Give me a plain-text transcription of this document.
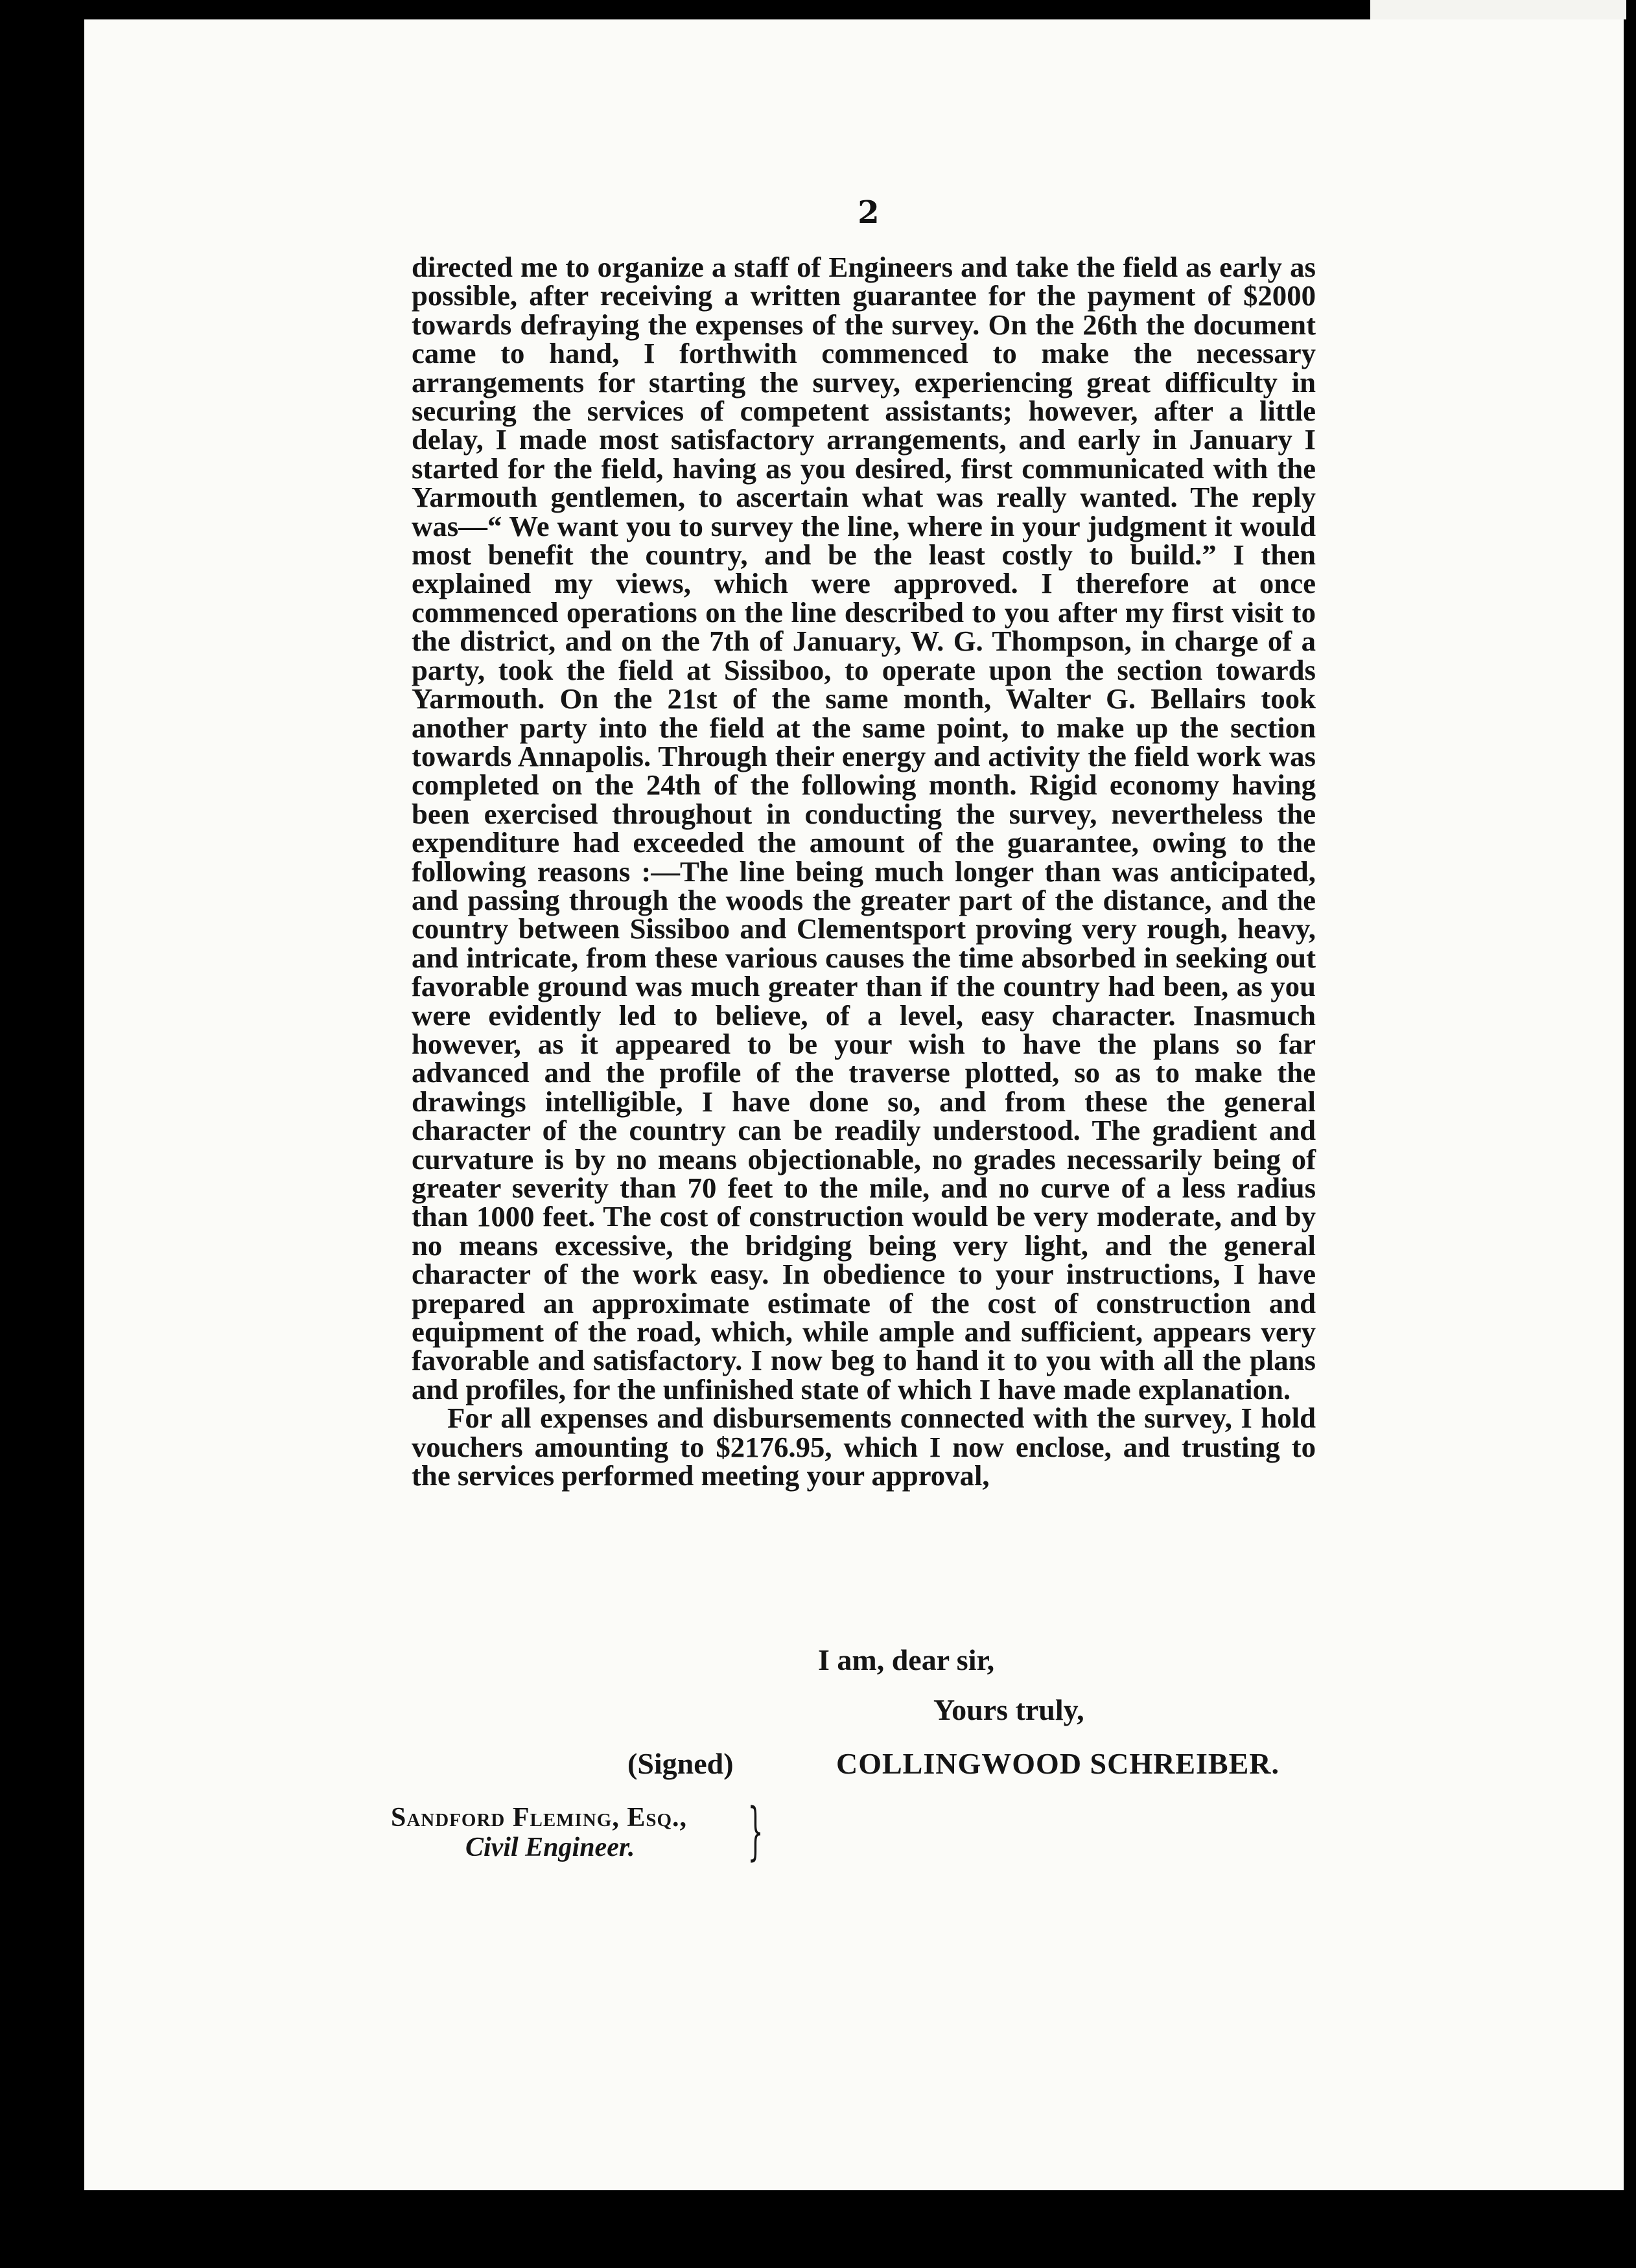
2

directed me to organize a staff of Engineers and take the field as early as possible, after receiving a written guarantee for the payment of $2000 towards defraying the expenses of the survey. On the 26th the document came to hand, I forthwith commenced to make the necessary arrangements for starting the survey, experiencing great difficulty in securing the services of competent assistants; however, after a little delay, I made most satisfactory arrangements, and early in January I started for the field, having as you desired, first communicated with the Yarmouth gentlemen, to ascertain what was really wanted. The reply was—“ We want you to survey the line, where in your judgment it would most benefit the country, and be the least costly to build.” I then explained my views, which were approved. I therefore at once commenced operations on the line described to you after my first visit to the district, and on the 7th of January, W. G. Thompson, in charge of a party, took the field at Sissiboo, to operate upon the section towards Yarmouth. On the 21st of the same month, Walter G. Bellairs took another party into the field at the same point, to make up the section towards Annapolis. Through their energy and activity the field work was completed on the 24th of the following month. Rigid economy having been exercised throughout in conducting the survey, nevertheless the expenditure had exceeded the amount of the guarantee, owing to the following reasons :—The line being much longer than was anticipated, and passing through the woods the greater part of the distance, and the country between Sissiboo and Clementsport proving very rough, heavy, and intricate, from these various causes the time absorbed in seeking out favorable ground was much greater than if the country had been, as you were evidently led to believe, of a level, easy character. Inasmuch however, as it appeared to be your wish to have the plans so far advanced and the profile of the traverse plotted, so as to make the drawings intelligible, I have done so, and from these the general character of the country can be readily understood. The gradient and curvature is by no means objectionable, no grades necessarily being of greater severity than 70 feet to the mile, and no curve of a less radius than 1000 feet. The cost of construction would be very moderate, and by no means excessive, the bridging being very light, and the general character of the work easy. In obedience to your instructions, I have prepared an approximate estimate of the cost of construction and equipment of the road, which, while ample and sufficient, appears very favorable and satisfactory. I now beg to hand it to you with all the plans and profiles, for the unfinished state of which I have made explanation.

For all expenses and disbursements connected with the survey, I hold vouchers amounting to $2176.95, which I now enclose, and trusting to the services performed meeting your approval,

I am, dear sir,
Yours truly,
(Signed)	COLLINGWOOD SCHREIBER.
Sandford Fleming, Esq.,
Civil Engineer.	}
